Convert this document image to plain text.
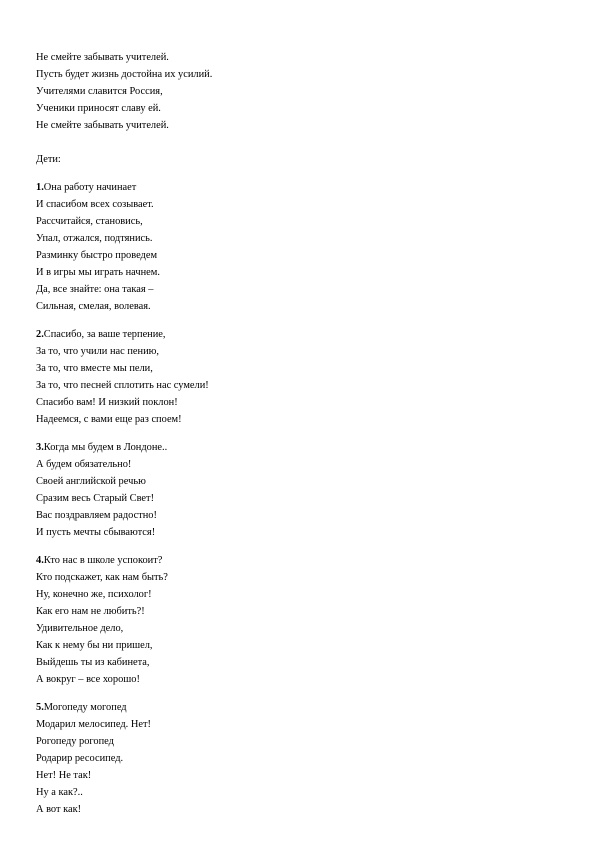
Не смейте забывать учителей.

Пусть будет жизнь достойна их усилий.

Учителями славится Россия,

Ученики приносят славу ей.

Не смейте забывать учителей.

Дети:

1.Она работу начинает

И спасибом всех созывает.

Рассчитайся, становись,

Упал, отжался, подтянись.

Разминку быстро проведем

И в игры мы играть начнем.

Да, все знайте: она такая –

Сильная, смелая, волевая.

2.Спасибо, за ваше терпение,

За то, что учили нас пению,

За то, что вместе мы пели,

За то, что песней сплотить нас сумели!

Спасибо вам! И низкий поклон!

Надеемся, с вами еще раз споем!

3.Когда мы будем в Лондоне..

А будем обязательно!

Своей английской речью

Сразим весь Старый Свет!

Вас поздравляем радостно!

И пусть мечты сбываются!

4.Кто нас в школе успокоит?

Кто подскажет, как нам быть?

Ну, конечно же, психолог!

Как его нам не любить?!

Удивительное дело,

Как к нему бы ни пришел,

Выйдешь ты из кабинета,

А вокруг – все хорошо!

5.Могопеду могопед

Модарил мелосипед. Нет!

Рогопеду рогопед

Родарир ресосипед.

Нет! Не так!

Ну а как?..

А вот как!
